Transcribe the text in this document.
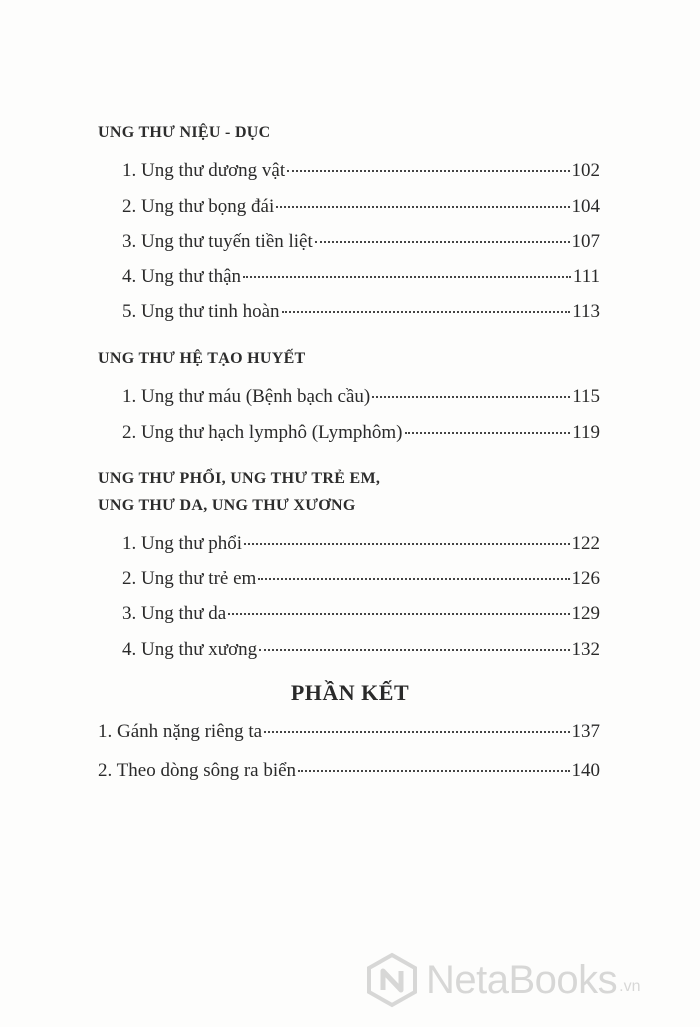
UNG THƯ NIỆU - DỤC
1. Ung thư dương vật	102
2. Ung thư bọng đái	104
3. Ung thư tuyến tiền liệt	107
4. Ung thư thận	111
5. Ung thư tinh hoàn	113
UNG THƯ HỆ TẠO HUYẾT
1. Ung thư máu (Bệnh bạch cầu)	115
2. Ung thư hạch lymphô (Lymphôm)	119
UNG THƯ PHỔI, UNG THƯ TRẺ EM,
UNG THƯ DA, UNG THƯ XƯƠNG
1. Ung thư phổi	122
2. Ung thư trẻ em	126
3. Ung thư da	129
4. Ung thư xương	132
PHẦN KẾT
1. Gánh nặng riêng ta	137
2. Theo dòng sông ra biển	140
NetaBooks .vn
